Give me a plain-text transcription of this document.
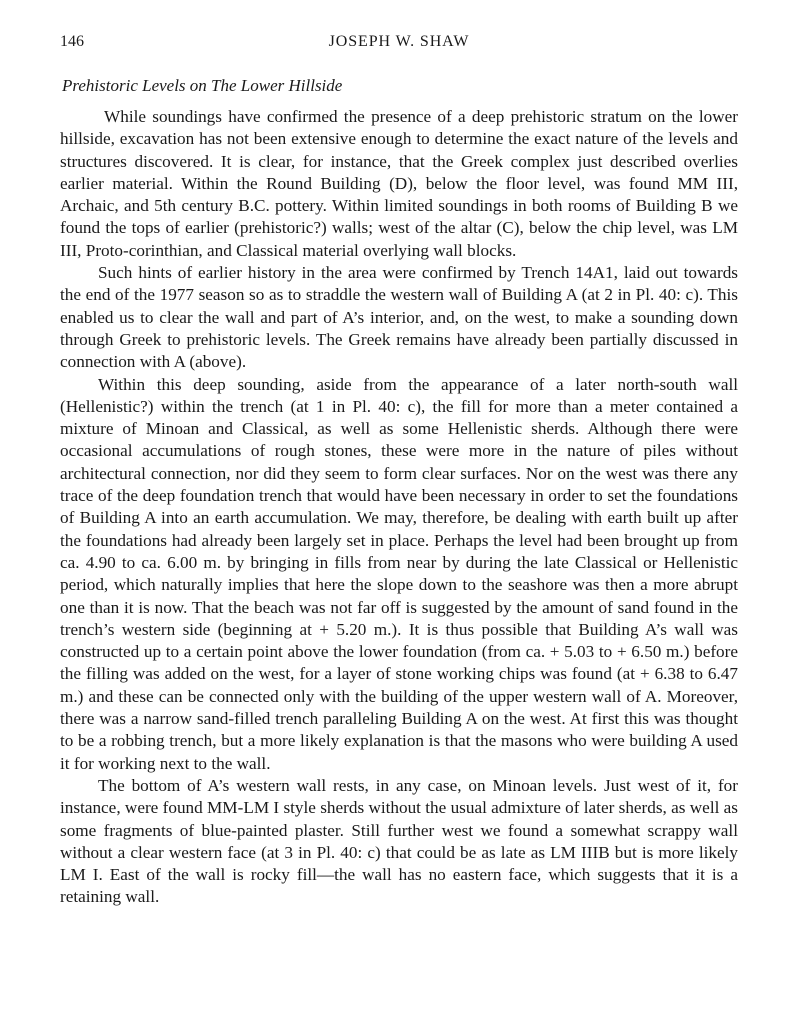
146	JOSEPH W. SHAW
Prehistoric Levels on The Lower Hillside

While soundings have confirmed the presence of a deep prehistoric stratum on the lower hillside, excavation has not been extensive enough to determine the exact nature of the levels and structures discovered. It is clear, for instance, that the Greek complex just described overlies earlier material. Within the Round Building (D), below the floor level, was found MM III, Archaic, and 5th century B.C. pottery. Within limited soundings in both rooms of Building B we found the tops of earlier (prehistoric?) walls; west of the altar (C), below the chip level, was LM III, Proto-corinthian, and Classical material overlying wall blocks.

Such hints of earlier history in the area were confirmed by Trench 14A1, laid out towards the end of the 1977 season so as to straddle the western wall of Building A (at 2 in Pl. 40: c). This enabled us to clear the wall and part of A’s interior, and, on the west, to make a sounding down through Greek to prehistoric levels. The Greek remains have already been partially discussed in connection with A (above).

Within this deep sounding, aside from the appearance of a later north-south wall (Hellenistic?) within the trench (at 1 in Pl. 40: c), the fill for more than a meter contained a mixture of Minoan and Classical, as well as some Hellenistic sherds. Although there were occasional accumulations of rough stones, these were more in the nature of piles without architectural connection, nor did they seem to form clear surfaces. Nor on the west was there any trace of the deep foundation trench that would have been necessary in order to set the foundations of Building A into an earth accumulation. We may, therefore, be dealing with earth built up after the foundations had already been largely set in place. Perhaps the level had been brought up from ca. 4.90 to ca. 6.00 m. by bringing in fills from near by during the late Classical or Hellenistic period, which naturally implies that here the slope down to the seashore was then a more abrupt one than it is now. That the beach was not far off is suggested by the amount of sand found in the trench’s western side (beginning at + 5.20 m.). It is thus possible that Building A’s wall was constructed up to a certain point above the lower foundation (from ca. + 5.03 to + 6.50 m.) before the filling was added on the west, for a layer of stone working chips was found (at + 6.38 to 6.47 m.) and these can be connected only with the building of the upper western wall of A. Moreover, there was a narrow sand-filled trench paralleling Building A on the west. At first this was thought to be a robbing trench, but a more likely explanation is that the masons who were building A used it for working next to the wall.

The bottom of A’s western wall rests, in any case, on Minoan levels. Just west of it, for instance, were found MM-LM I style sherds without the usual admixture of later sherds, as well as some fragments of blue-painted plaster. Still further west we found a somewhat scrappy wall without a clear western face (at 3 in Pl. 40: c) that could be as late as LM IIIB but is more likely LM I. East of the wall is rocky fill—the wall has no eastern face, which suggests that it is a retaining wall.
